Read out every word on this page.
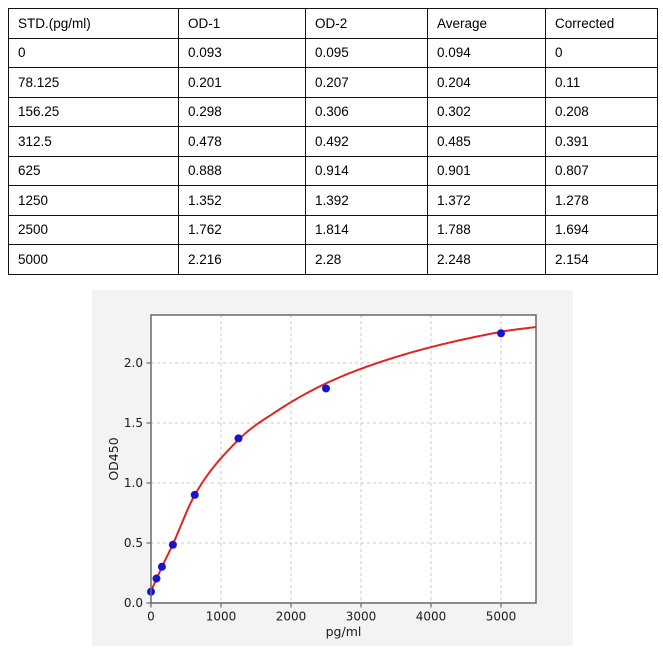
STD.(pg/ml)	OD-1	OD-2	Average	Corrected
0	0.093	0.095	0.094	0
78.125	0.201	0.207	0.204	0.11
156.25	0.298	0.306	0.302	0.208
312.5	0.478	0.492	0.485	0.391
625	0.888	0.914	0.901	0.807
1250	1.352	1.392	1.372	1.278
2500	1.762	1.814	1.788	1.694
5000	2.216	2.28	2.248	2.154
0	1000	2000	3000	4000	5000
0.0
0.5
1.0
1.5
2.0
pg/ml
OD450
